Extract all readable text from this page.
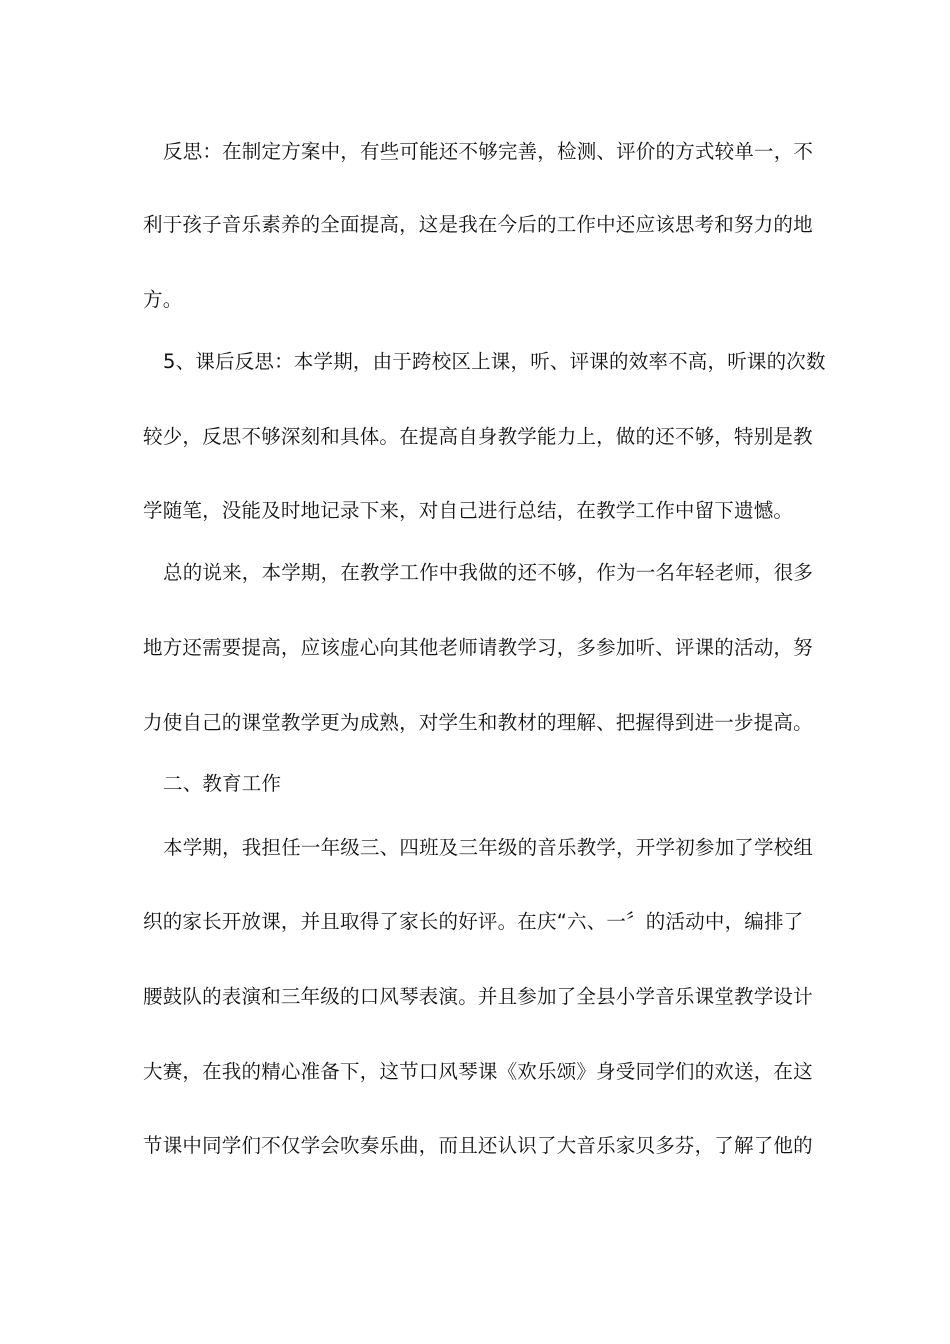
反思：在制定方案中，有些可能还不够完善，检测、评价的方式较单一，不
利于孩子音乐素养的全面提高，这是我在今后的工作中还应该思考和努力的地
方。
5、课后反思：本学期，由于跨校区上课，听、评课的效率不高，听课的次数
较少，反思不够深刻和具体。在提高自身教学能力上，做的还不够，特别是教
学随笔，没能及时地记录下来，对自己进行总结，在教学工作中留下遗憾。
总的说来，本学期，在教学工作中我做的还不够，作为一名年轻老师，很多
地方还需要提高，应该虚心向其他老师请教学习，多参加听、评课的活动，努
力使自己的课堂教学更为成熟，对学生和教材的理解、把握得到进一步提高。
二、教育工作
本学期，我担任一年级三、四班及三年级的音乐教学，开学初参加了学校组
织的家长开放课，并且取得了家长的好评。在庆“六、一〞的活动中，编排了
腰鼓队的表演和三年级的口风琴表演。并且参加了全县小学音乐课堂教学设计
大赛，在我的精心准备下，这节口风琴课《欢乐颂》身受同学们的欢送，在这
节课中同学们不仅学会吹奏乐曲，而且还认识了大音乐家贝多芬，了解了他的
